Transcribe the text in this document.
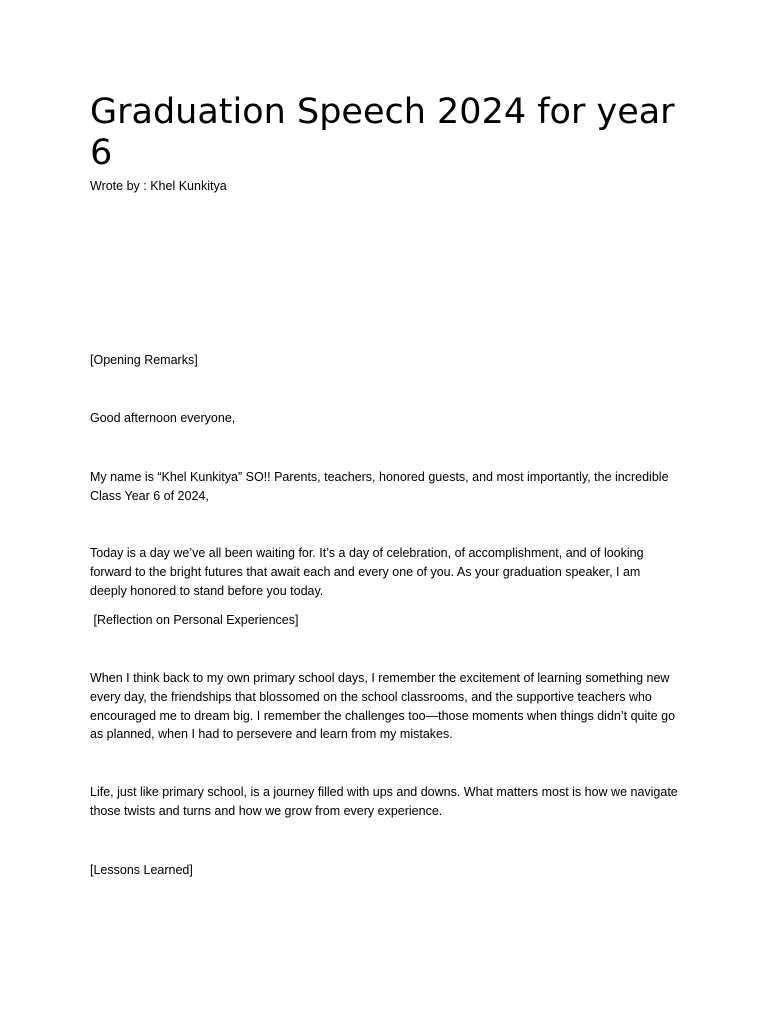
Graduation Speech 2024 for year 6

Wrote by : Khel Kunkitya

[Opening Remarks]

Good afternoon everyone,

My name is “Khel Kunkitya” SO!! Parents, teachers, honored guests, and most importantly, the incredible Class Year 6 of 2024,

Today is a day we’ve all been waiting for. It’s a day of celebration, of accomplishment, and of looking forward to the bright futures that await each and every one of you. As your graduation speaker, I am deeply honored to stand before you today.

[Reflection on Personal Experiences]

When I think back to my own primary school days, I remember the excitement of learning something new every day, the friendships that blossomed on the school classrooms, and the supportive teachers who encouraged me to dream big. I remember the challenges too—those moments when things didn’t quite go as planned, when I had to persevere and learn from my mistakes.

Life, just like primary school, is a journey filled with ups and downs. What matters most is how we navigate those twists and turns and how we grow from every experience.

[Lessons Learned]
